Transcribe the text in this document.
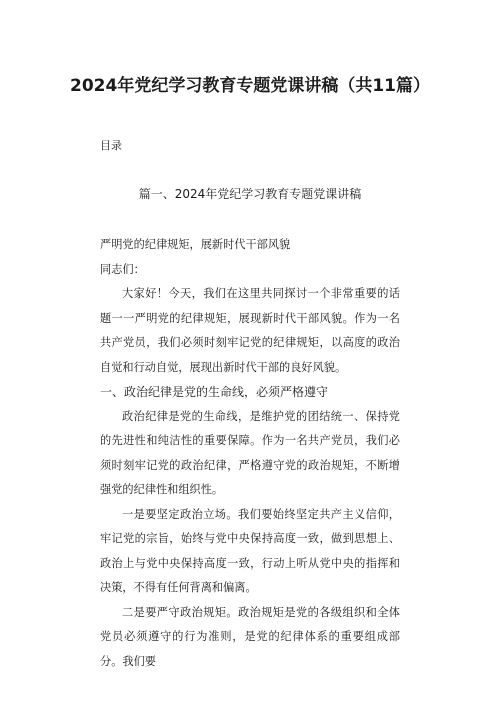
2024年党纪学习教育专题党课讲稿（共11篇）
目录
篇一、2024年党纪学习教育专题党课讲稿

严明党的纪律规矩，展新时代干部风貌

同志们：

大家好！今天，我们在这里共同探讨一个非常重要的话题一一严明党的纪律规矩，展现新时代干部风貌。作为一名共产党员，我们必须时刻牢记党的纪律规矩，以高度的政治自觉和行动自觉，展现出新时代干部的良好风貌。

一、政治纪律是党的生命线，必须严格遵守

政治纪律是党的生命线，是维护党的团结统一、保持党的先进性和纯洁性的重要保障。作为一名共产党员，我们必须时刻牢记党的政治纪律，严格遵守党的政治规矩，不断增强党的纪律性和组织性。

一是要坚定政治立场。我们要始终坚定共产主义信仰，牢记党的宗旨，始终与党中央保持高度一致，做到思想上、政治上与党中央保持高度一致，行动上听从党中央的指挥和决策，不得有任何背离和偏离。

二是要严守政治规矩。政治规矩是党的各级组织和全体党员必须遵守的行为准则，是党的纪律体系的重要组成部分。我们要
